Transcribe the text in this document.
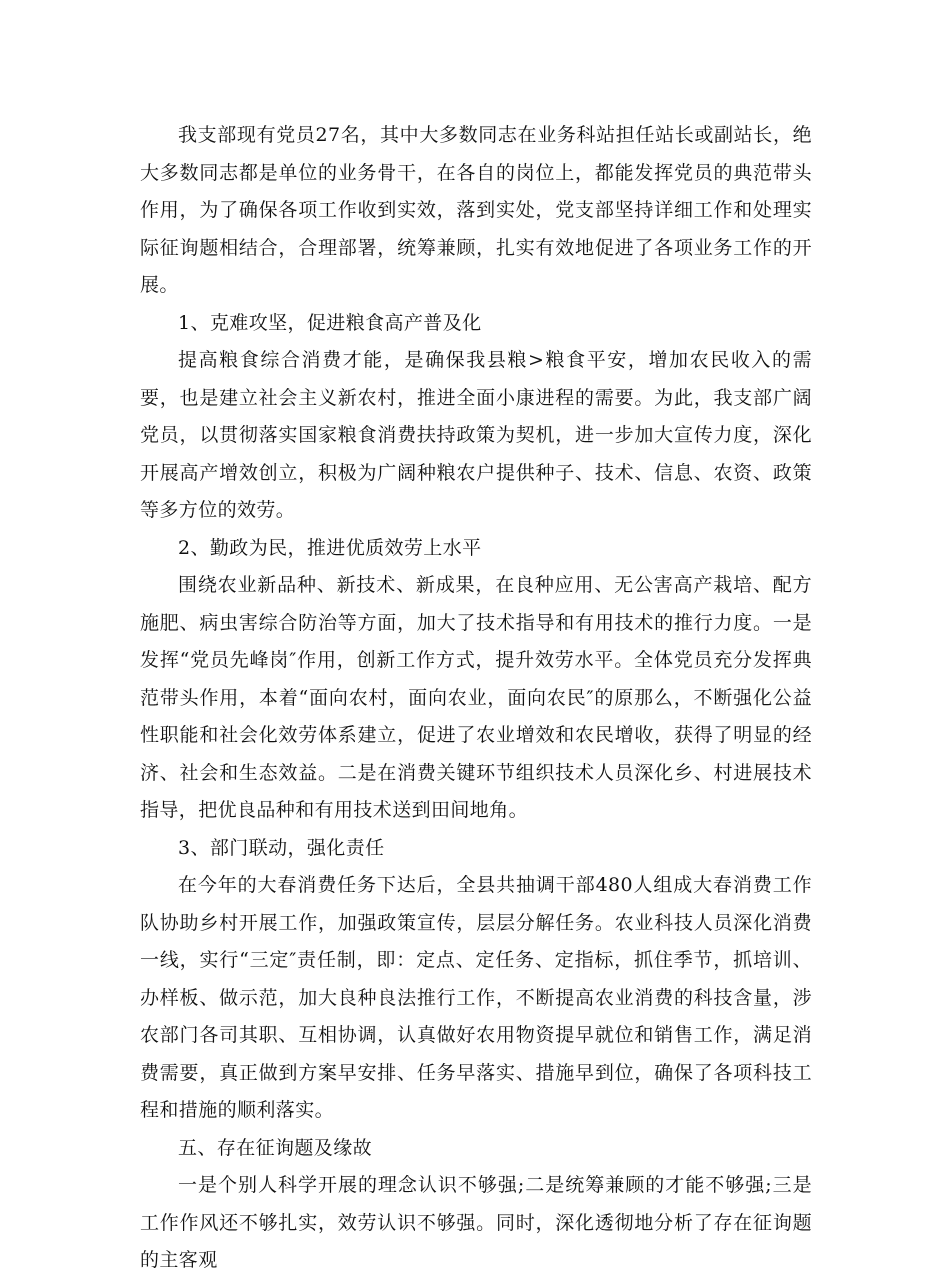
我支部现有党员27名，其中大多数同志在业务科站担任站长或副站长，绝大多数同志都是单位的业务骨干，在各自的岗位上，都能发挥党员的典范带头作用，为了确保各项工作收到实效，落到实处，党支部坚持详细工作和处理实际征询题相结合，合理部署，统筹兼顾，扎实有效地促进了各项业务工作的开展。

1、克难攻坚，促进粮食高产普及化

提高粮食综合消费才能，是确保我县粮>粮食平安，增加农民收入的需要，也是建立社会主义新农村，推进全面小康进程的需要。为此，我支部广阔党员，以贯彻落实国家粮食消费扶持政策为契机，进一步加大宣传力度，深化开展高产增效创立，积极为广阔种粮农户提供种子、技术、信息、农资、政策等多方位的效劳。

2、勤政为民，推进优质效劳上水平

围绕农业新品种、新技术、新成果，在良种应用、无公害高产栽培、配方施肥、病虫害综合防治等方面，加大了技术指导和有用技术的推行力度。一是发挥“党员先峰岗″作用，创新工作方式，提升效劳水平。全体党员充分发挥典范带头作用，本着“面向农村，面向农业，面向农民″的原那么，不断强化公益性职能和社会化效劳体系建立，促进了农业增效和农民增收，获得了明显的经济、社会和生态效益。二是在消费关键环节组织技术人员深化乡、村进展技术指导，把优良品种和有用技术送到田间地角。

3、部门联动，强化责任

在今年的大春消费任务下达后，全县共抽调干部480人组成大春消费工作队协助乡村开展工作，加强政策宣传，层层分解任务。农业科技人员深化消费一线，实行“三定″责任制，即：定点、定任务、定指标，抓住季节，抓培训、办样板、做示范，加大良种良法推行工作，不断提高农业消费的科技含量，涉农部门各司其职、互相协调，认真做好农用物资提早就位和销售工作，满足消费需要，真正做到方案早安排、任务早落实、措施早到位，确保了各项科技工程和措施的顺利落实。

五、存在征询题及缘故

一是个别人科学开展的理念认识不够强;二是统筹兼顾的才能不够强;三是工作作风还不够扎实，效劳认识不够强。同时，深化透彻地分析了存在征询题的主客观
